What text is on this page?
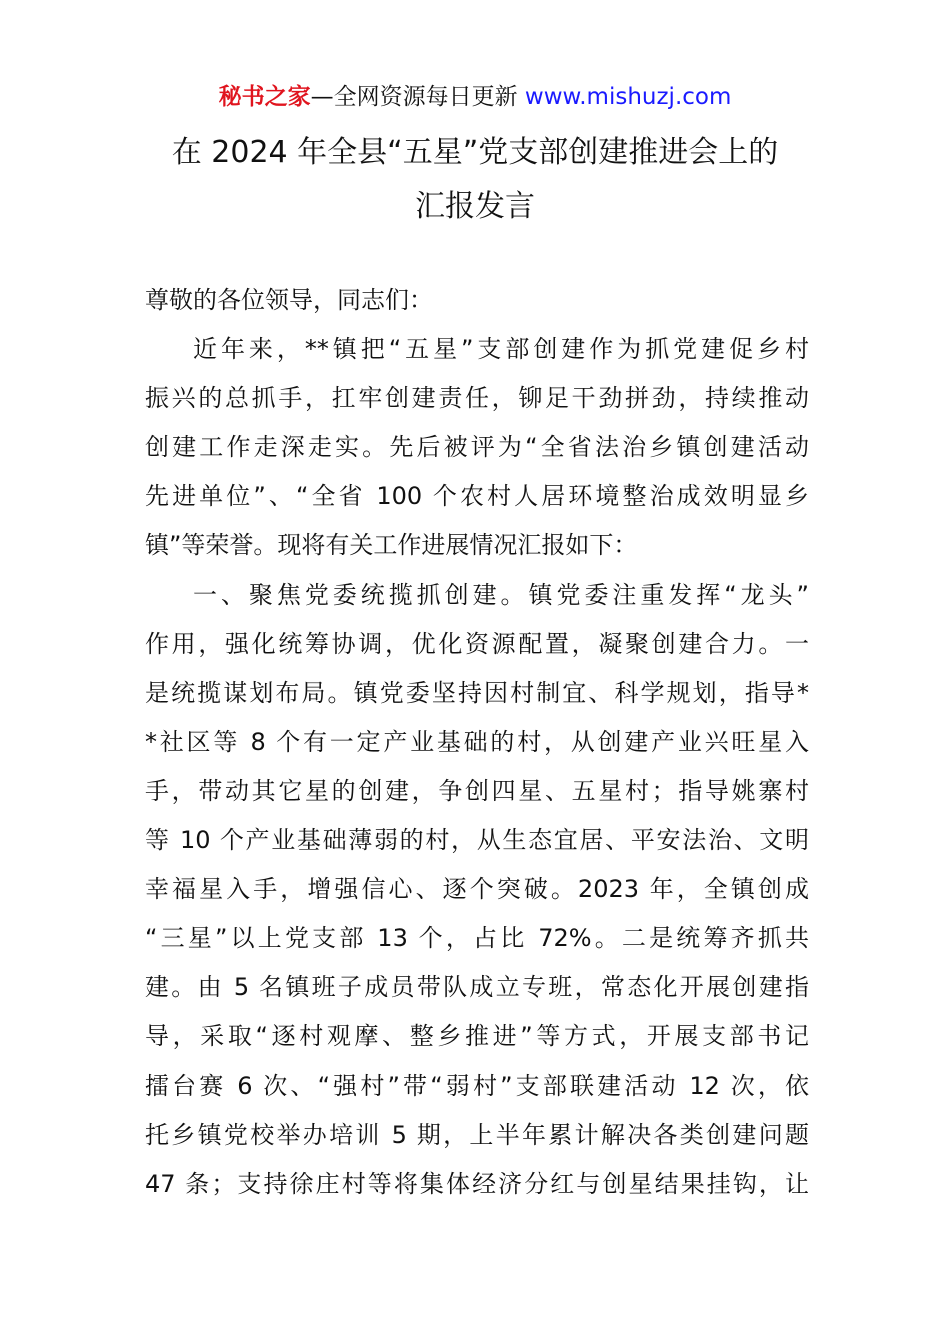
秘书之家—全网资源每日更新 www.mishuzj.com
在 2024 年全县“五星”党支部创建推进会上的
汇报发言
尊敬的各位领导，同志们：
近年来，**镇把“五星”支部创建作为抓党建促乡村
振兴的总抓手，扛牢创建责任，铆足干劲拼劲，持续推动
创建工作走深走实。先后被评为“全省法治乡镇创建活动
先进单位”、“全省 100 个农村人居环境整治成效明显乡
镇”等荣誉。现将有关工作进展情况汇报如下：
一、聚焦党委统揽抓创建。镇党委注重发挥“龙头”
作用，强化统筹协调，优化资源配置，凝聚创建合力。一
是统揽谋划布局。镇党委坚持因村制宜、科学规划，指导*
*社区等 8 个有一定产业基础的村，从创建产业兴旺星入
手，带动其它星的创建，争创四星、五星村；指导姚寨村
等 10 个产业基础薄弱的村，从生态宜居、平安法治、文明
幸福星入手，增强信心、逐个突破。2023 年，全镇创成
“三星”以上党支部 13 个，占比 72%。二是统筹齐抓共
建。由 5 名镇班子成员带队成立专班，常态化开展创建指
导，采取“逐村观摩、整乡推进”等方式，开展支部书记
擂台赛 6 次、“强村”带“弱村”支部联建活动 12 次，依
托乡镇党校举办培训 5 期，上半年累计解决各类创建问题
47 条；支持徐庄村等将集体经济分红与创星结果挂钩，让
